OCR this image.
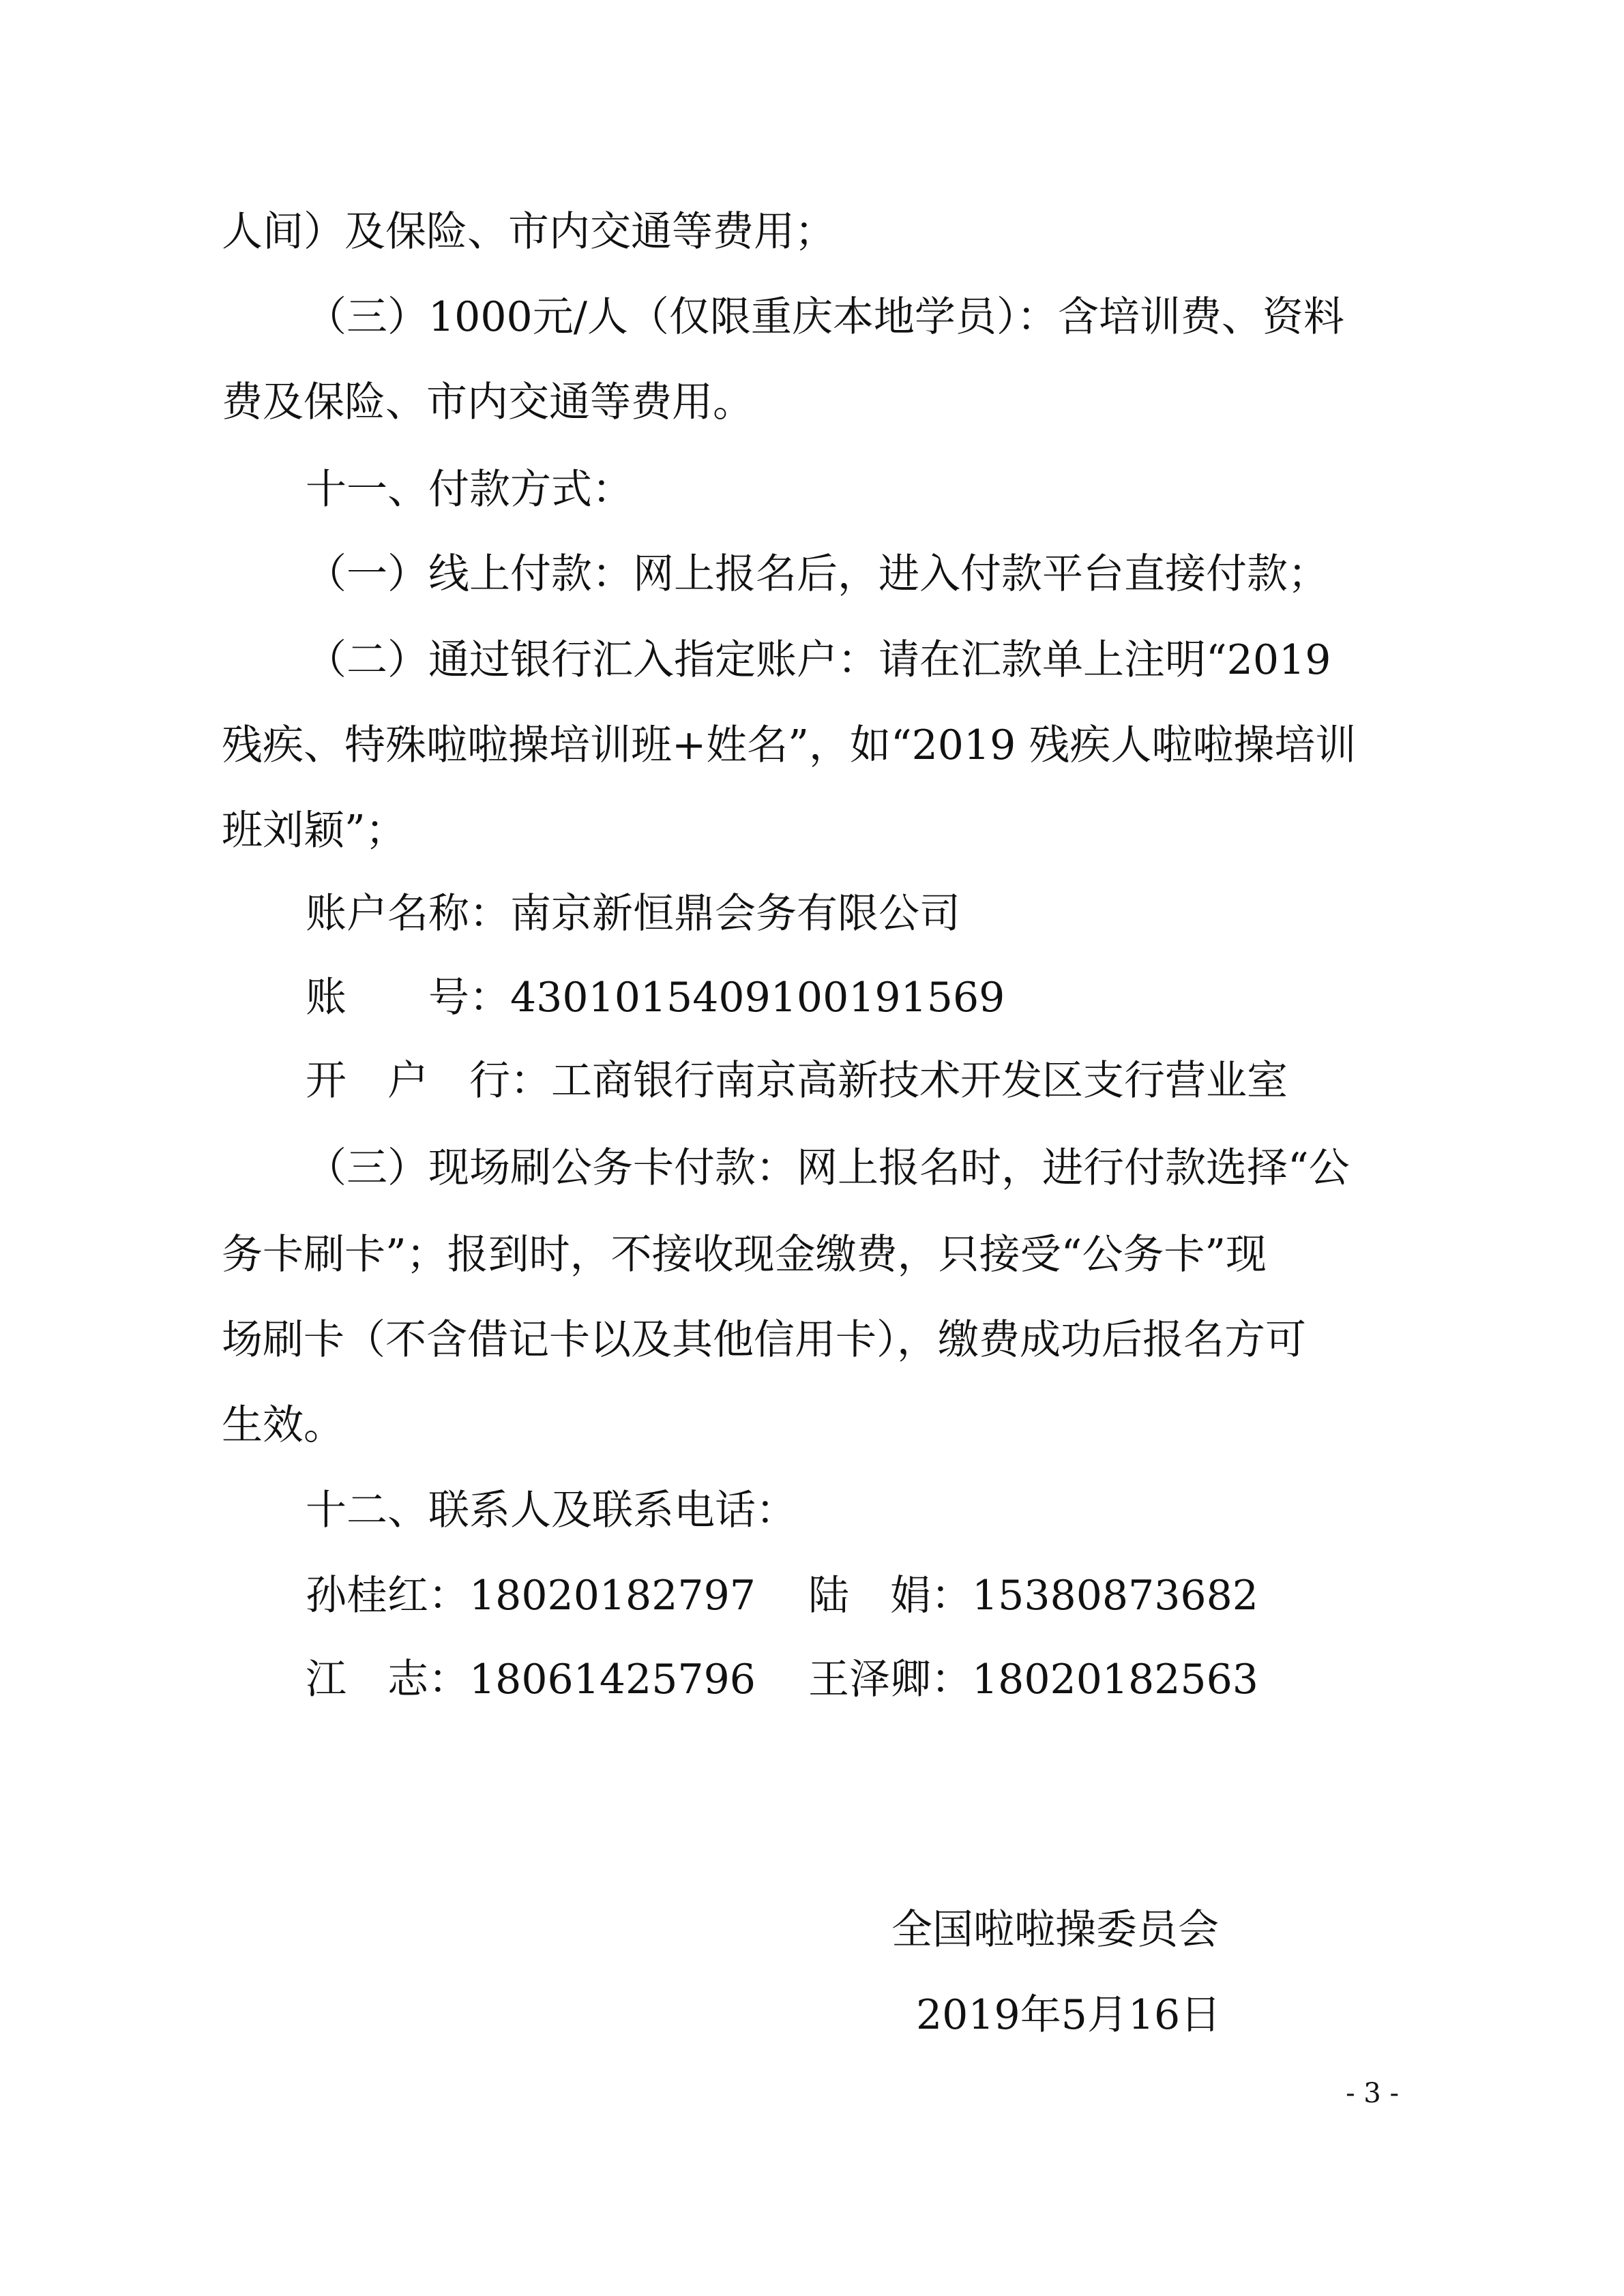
人间）及保险、市内交通等费用；
（三）1000元/人（仅限重庆本地学员）：含培训费、资料
费及保险、市内交通等费用。
十一、付款方式：
（一）线上付款：网上报名后，进入付款平台直接付款；
（二）通过银行汇入指定账户：请在汇款单上注明“2019
残疾、特殊啦啦操培训班+姓名”，如“2019 残疾人啦啦操培训
班刘颖”；
账户名称：南京新恒鼎会务有限公司
账　　号：4301015409100191569
开　户　行：工商银行南京高新技术开发区支行营业室
（三）现场刷公务卡付款：网上报名时，进行付款选择“公
务卡刷卡”；报到时，不接收现金缴费，只接受“公务卡”现
场刷卡（不含借记卡以及其他信用卡），缴费成功后报名方可
生效。
十二、联系人及联系电话：
孙桂红：18020182797 陆　娟：15380873682
江　志：18061425796 王泽卿：18020182563
全国啦啦操委员会
2019年5月16日
- 3 -
